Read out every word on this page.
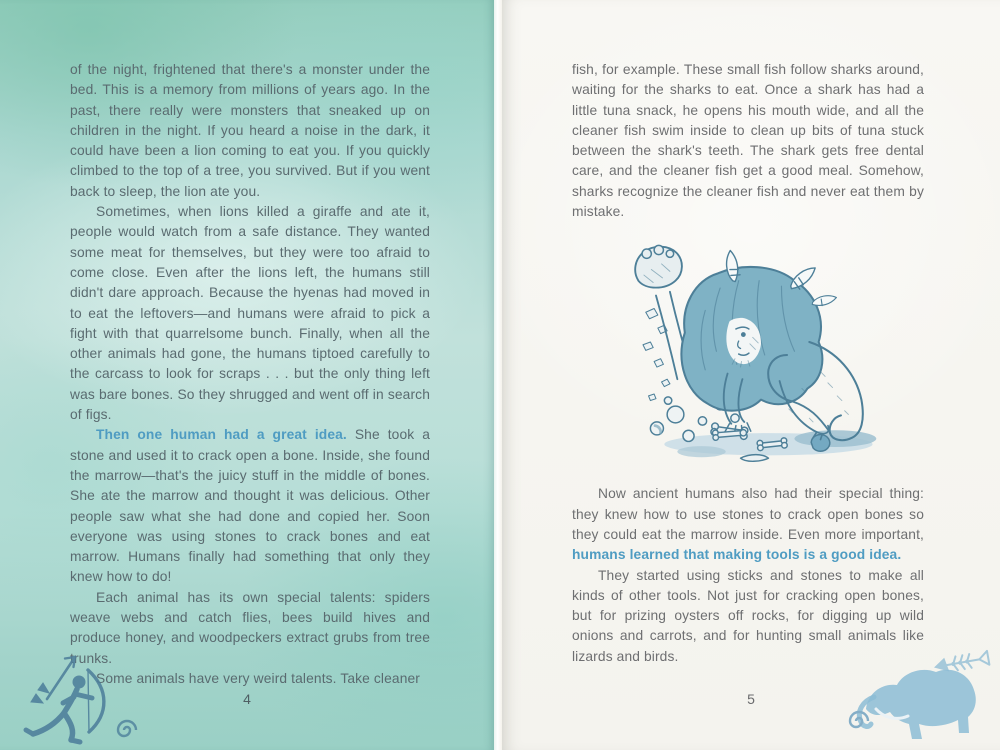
of the night, frightened that there's a monster under the bed. This is a memory from millions of years ago. In the past, there really were monsters that sneaked up on children in the night. If you heard a noise in the dark, it could have been a lion coming to eat you. If you quickly climbed to the top of a tree, you survived. But if you went back to sleep, the lion ate you.

Sometimes, when lions killed a giraffe and ate it, people would watch from a safe distance. They wanted some meat for themselves, but they were too afraid to come close. Even after the lions left, the humans still didn't dare approach. Because the hyenas had moved in to eat the leftovers—and humans were afraid to pick a fight with that quarrelsome bunch. Finally, when all the other animals had gone, the humans tiptoed carefully to the carcass to look for scraps . . . but the only thing left was bare bones. So they shrugged and went off in search of figs.

Then one human had a great idea. She took a stone and used it to crack open a bone. Inside, she found the marrow—that's the juicy stuff in the middle of bones. She ate the marrow and thought it was delicious. Other people saw what she had done and copied her. Soon everyone was using stones to crack bones and eat marrow. Humans finally had something that only they knew how to do!

Each animal has its own special talents: spiders weave webs and catch flies, bees build hives and produce honey, and woodpeckers extract grubs from tree trunks.

Some animals have very weird talents. Take cleaner

4

fish, for example. These small fish follow sharks around, waiting for the sharks to eat. Once a shark has had a little tuna snack, he opens his mouth wide, and all the cleaner fish swim inside to clean up bits of tuna stuck between the shark's teeth. The shark gets free dental care, and the cleaner fish get a good meal. Somehow, sharks recognize the cleaner fish and never eat them by mistake.

Now ancient humans also had their special thing: they knew how to use stones to crack open bones so they could eat the marrow inside. Even more important, humans learned that making tools is a good idea.

They started using sticks and stones to make all kinds of other tools. Not just for cracking open bones, but for prizing oysters off rocks, for digging up wild onions and carrots, and for hunting small animals like lizards and birds.

5
